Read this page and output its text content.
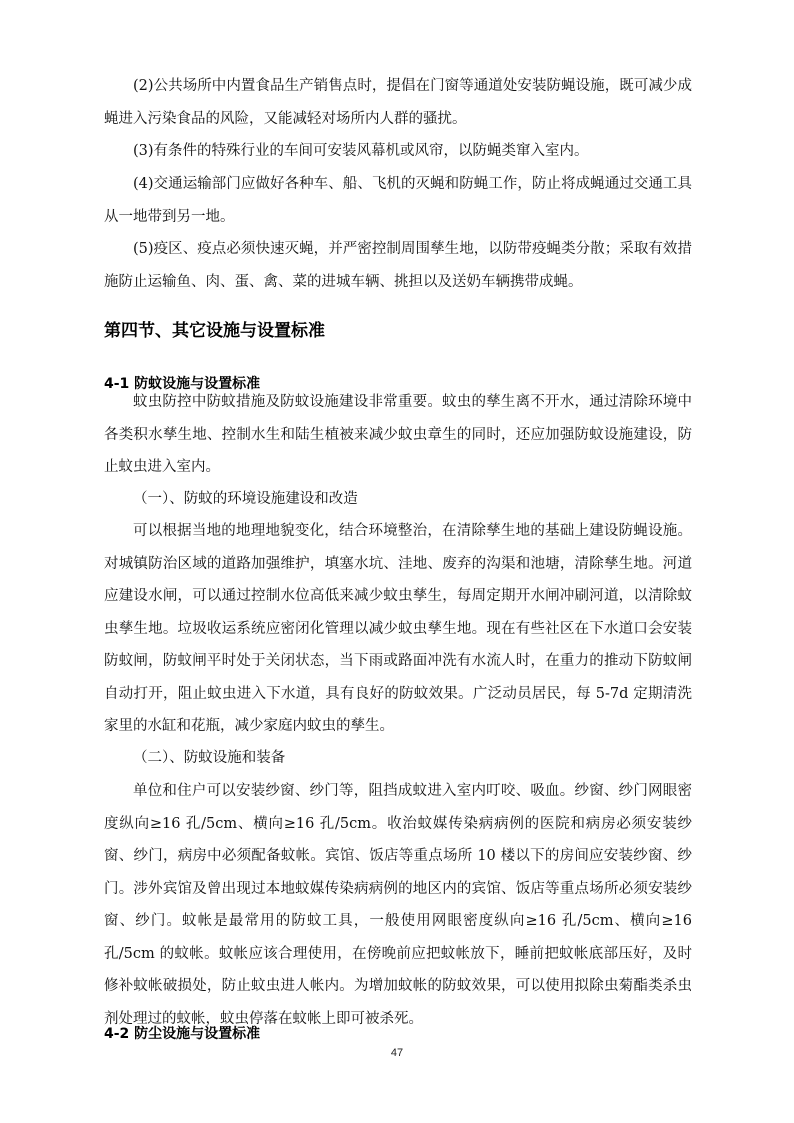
(2)公共场所中内置食品生产销售点时，提倡在门窗等通道处安装防蝇设施，既可减少成蝇进入污染食品的风险，又能减轻对场所内人群的骚扰。

(3)有条件的特殊行业的车间可安装风幕机或风帘，以防蝇类窜入室内。

(4)交通运输部门应做好各种车、船、飞机的灭蝇和防蝇工作，防止将成蝇通过交通工具从一地带到另一地。

(5)疫区、疫点必须快速灭蝇，并严密控制周围孳生地，以防带疫蝇类分散；采取有效措施防止运输鱼、肉、蛋、禽、菜的进城车辆、挑担以及送奶车辆携带成蝇。

第四节、其它设施与设置标准
4-1 防蚊设施与设置标准

蚊虫防控中防蚊措施及防蚊设施建设非常重要。蚊虫的孳生离不开水，通过清除环境中各类积水孳生地、控制水生和陆生植被来减少蚊虫章生的同时，还应加强防蚊设施建设，防止蚊虫进入室内。

（一）、防蚊的环境设施建设和改造

可以根据当地的地理地貌变化，结合环境整治，在清除孳生地的基础上建设防蝇设施。对城镇防治区域的道路加强维护，填塞水坑、洼地、废弃的沟渠和池塘，清除孳生地。河道应建设水闸，可以通过控制水位高低来减少蚊虫孳生，每周定期开水闸冲刷河道，以清除蚊虫孳生地。垃圾收运系统应密闭化管理以减少蚊虫孳生地。现在有些社区在下水道口会安装防蚊闸，防蚊闸平时处于关闭状态，当下雨或路面冲洗有水流人时，在重力的推动下防蚊闸自动打开，阻止蚊虫进入下水道，具有良好的防蚊效果。广泛动员居民，每 5-7d 定期清洗家里的水缸和花瓶，减少家庭内蚊虫的孳生。

（二）、防蚊设施和装备

单位和住户可以安装纱窗、纱门等，阻挡成蚊进入室内叮咬、吸血。纱窗、纱门网眼密度纵向≥16 孔/5cm、横向≥16 孔/5cm。收治蚊媒传染病病例的医院和病房必须安装纱窗、纱门，病房中必须配备蚊帐。宾馆、饭店等重点场所 10 楼以下的房间应安装纱窗、纱门。涉外宾馆及曾出现过本地蚊媒传染病病例的地区内的宾馆、饭店等重点场所必须安装纱窗、纱门。蚊帐是最常用的防蚊工具，一般使用网眼密度纵向≥16 孔/5cm、横向≥16 孔/5cm 的蚊帐。蚊帐应该合理使用，在傍晚前应把蚊帐放下，睡前把蚊帐底部压好，及时修补蚊帐破损处，防止蚊虫进人帐内。为增加蚊帐的防蚊效果，可以使用拟除虫菊酯类杀虫剂处理过的蚊帐，蚊虫停落在蚊帐上即可被杀死。

4-2 防尘设施与设置标准
47
